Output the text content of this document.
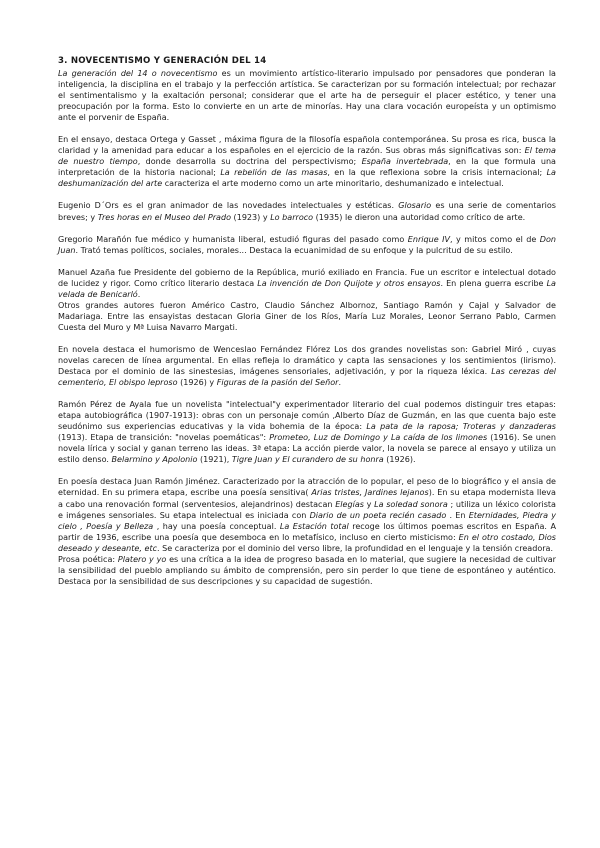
3. NOVECENTISMO Y GENERACIÓN DEL 14

La generación del 14 o novecentismo es un movimiento artístico-literario impulsado por pensadores que ponderan la inteligencia, la disciplina en el trabajo y la perfección artística. Se caracterizan por su formación intelectual; por rechazar el sentimentalismo y la exaltación personal; considerar que el arte ha de perseguir el placer estético, y tener una preocupación por la forma. Esto lo convierte en un arte de minorías. Hay una clara vocación europeísta y un optimismo ante el porvenir de España.

En el ensayo, destaca Ortega y Gasset , máxima figura de la filosofía española contemporánea. Su prosa es rica, busca la claridad y la amenidad para educar a los españoles en el ejercicio de la razón. Sus obras más significativas son: El tema de nuestro tiempo, donde desarrolla su doctrina del perspectivismo; España invertebrada, en la que formula una interpretación de la historia nacional; La rebelión de las masas, en la que reflexiona sobre la crisis internacional; La deshumanización del arte caracteriza el arte moderno como un arte minoritario, deshumanizado e intelectual.

Eugenio D´Ors es el gran animador de las novedades intelectuales y estéticas. Glosario es una serie de comentarios breves; y Tres horas en el Museo del Prado (1923) y Lo barroco (1935) le dieron una autoridad como crítico de arte.

Gregorio Marañón fue médico y humanista liberal, estudió figuras del pasado como Enrique IV, y mitos como el de Don Juan. Trató temas políticos, sociales, morales... Destaca la ecuanimidad de su enfoque y la pulcritud de su estilo.

Manuel Azaña fue Presidente del gobierno de la República, murió exiliado en Francia. Fue un escritor e intelectual dotado de lucidez y rigor. Como crítico literario destaca La invención de Don Quijote y otros ensayos. En plena guerra escribe La velada de Benicarló.

Otros grandes autores fueron Américo Castro, Claudio Sánchez Albornoz, Santiago Ramón y Cajal y Salvador de Madariaga. Entre las ensayistas destacan Gloria Giner de los Ríos, María Luz Morales, Leonor Serrano Pablo, Carmen Cuesta del Muro y Mª Luisa Navarro Margati.

En novela destaca el humorismo de Wenceslao Fernández Flórez Los dos grandes novelistas son: Gabriel Miró , cuyas novelas carecen de línea argumental. En ellas refleja lo dramático y capta las sensaciones y los sentimientos (lirismo). Destaca por el dominio de las sinestesias, imágenes sensoriales, adjetivación, y por la riqueza léxica. Las cerezas del cementerio, El obispo leproso (1926) y Figuras de la pasión del Señor.

Ramón Pérez de Ayala fue un novelista "intelectual"y experimentador literario del cual podemos distinguir tres etapas: etapa autobiográfica (1907-1913): obras con un personaje común ,Alberto Díaz de Guzmán, en las que cuenta bajo este seudónimo sus experiencias educativas y la vida bohemia de la época: La pata de la raposa; Troteras y danzaderas (1913). Etapa de transición: "novelas poemáticas": Prometeo, Luz de Domingo y La caída de los limones (1916). Se unen novela lírica y social y ganan terreno las ideas. 3ª etapa: La acción pierde valor, la novela se parece al ensayo y utiliza un estilo denso. Belarmino y Apolonio (1921), Tigre Juan y El curandero de su honra (1926).

En poesía destaca Juan Ramón Jiménez. Caracterizado por la atracción de lo popular, el peso de lo biográfico y el ansia de eternidad. En su primera etapa, escribe una poesía sensitiva( Arias tristes, Jardines lejanos). En su etapa modernista lleva a cabo una renovación formal (serventesios, alejandrinos) destacan Elegías y La soledad sonora ; utiliza un léxico colorista e imágenes sensoriales. Su etapa intelectual es iniciada con Diario de un poeta recién casado . En Eternidades, Piedra y cielo , Poesía y Belleza , hay una poesía conceptual. La Estación total recoge los últimos poemas escritos en España. A partir de 1936, escribe una poesía que desemboca en lo metafísico, incluso en cierto misticismo: En el otro costado, Dios deseado y deseante, etc. Se caracteriza por el dominio del verso libre, la profundidad en el lenguaje y la tensión creadora.

Prosa poética: Platero y yo es una crítica a la idea de progreso basada en lo material, que sugiere la necesidad de cultivar la sensibilidad del pueblo ampliando su ámbito de comprensión, pero sin perder lo que tiene de espontáneo y auténtico. Destaca por la sensibilidad de sus descripciones y su capacidad de sugestión.
